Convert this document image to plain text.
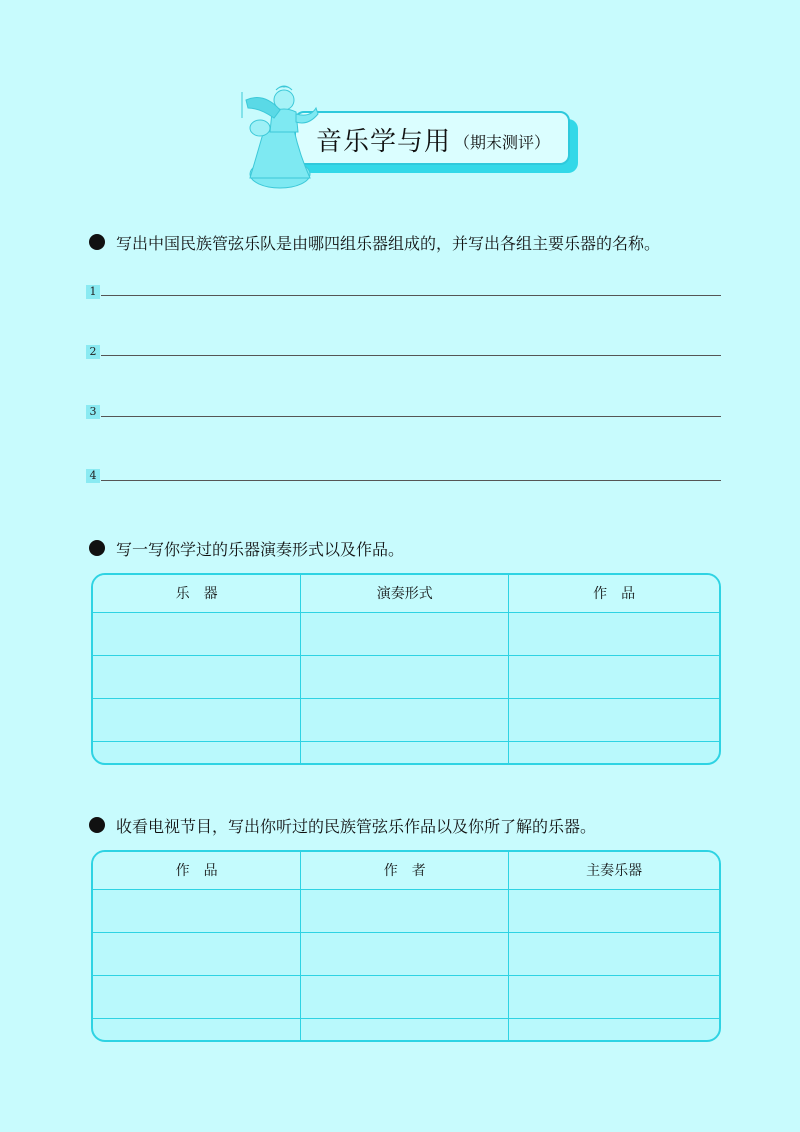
音乐学与用 （期末测评）
写出中国民族管弦乐队是由哪四组乐器组成的，并写出各组主要乐器的名称。
1
2
3
4
写一写你学过的乐器演奏形式以及作品。
乐　器	演奏形式	作　品

收看电视节目，写出你听过的民族管弦乐作品以及你所了解的乐器。
作　品	作　者	主奏乐器
